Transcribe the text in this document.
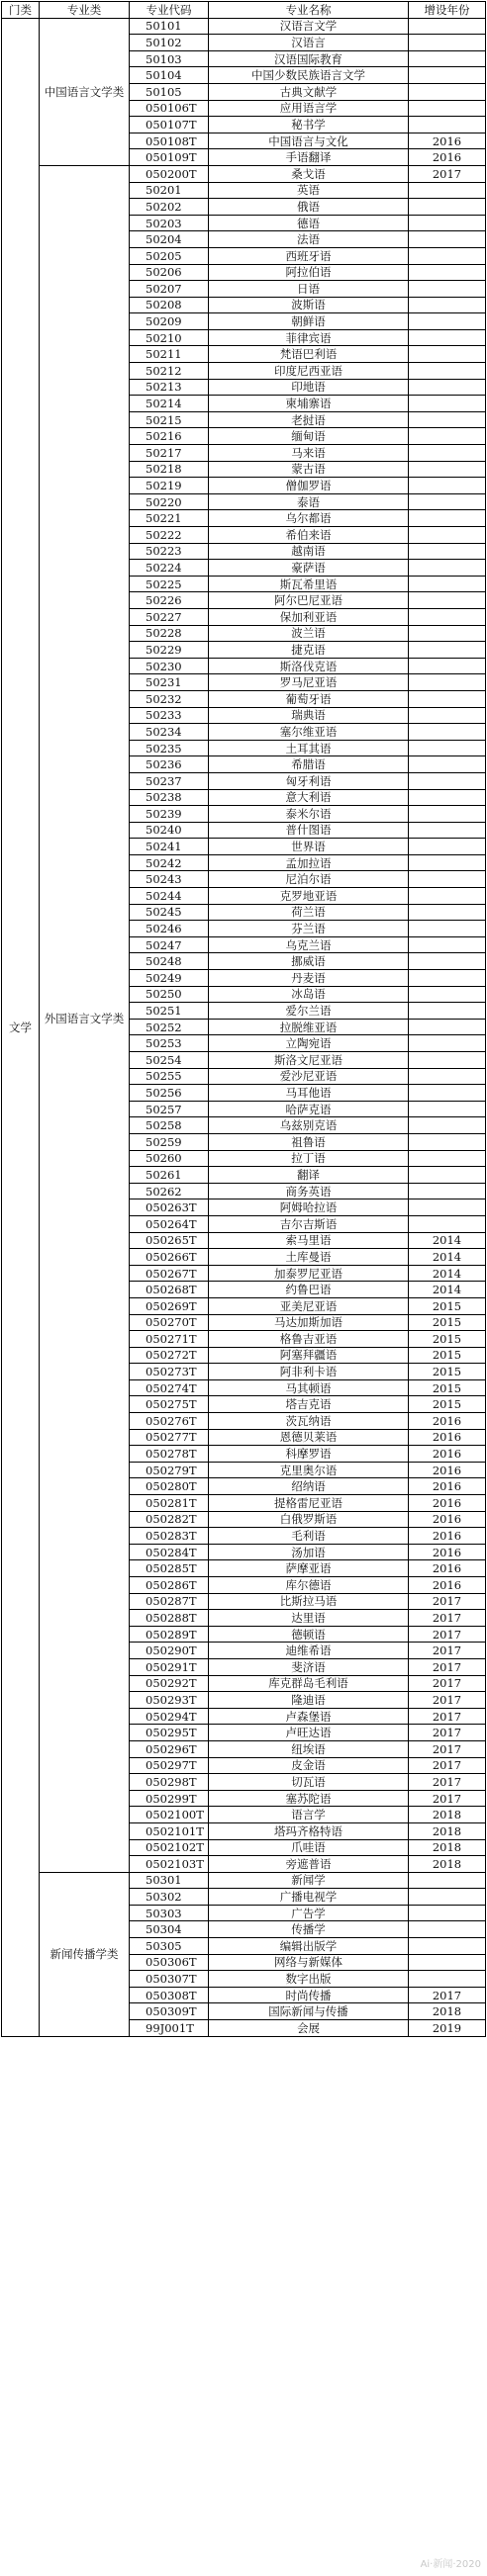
门类	专业类	专业代码	专业名称	增设年份
文学	中国语言文学类	50101	汉语言文学	
		50102	汉语言	
		50103	汉语国际教育	
		50104	中国少数民族语言文学	
		50105	古典文献学	
		050106T	应用语言学	
		050107T	秘书学	
		050108T	中国语言与文化	2016
		050109T	手语翻译	2016
	外国语言文学类	050200T	桑戈语	2017
		50201	英语	
		50202	俄语	
		50203	德语	
		50204	法语	
		50205	西班牙语	
		50206	阿拉伯语	
		50207	日语	
		50208	波斯语	
		50209	朝鲜语	
		50210	菲律宾语	
		50211	梵语巴利语	
		50212	印度尼西亚语	
		50213	印地语	
		50214	柬埔寨语	
		50215	老挝语	
		50216	缅甸语	
		50217	马来语	
		50218	蒙古语	
		50219	僧伽罗语	
		50220	泰语	
		50221	乌尔都语	
		50222	希伯来语	
		50223	越南语	
		50224	豪萨语	
		50225	斯瓦希里语	
		50226	阿尔巴尼亚语	
		50227	保加利亚语	
		50228	波兰语	
		50229	捷克语	
		50230	斯洛伐克语	
		50231	罗马尼亚语	
		50232	葡萄牙语	
		50233	瑞典语	
		50234	塞尔维亚语	
		50235	土耳其语	
		50236	希腊语	
		50237	匈牙利语	
		50238	意大利语	
		50239	泰米尔语	
		50240	普什图语	
		50241	世界语	
		50242	孟加拉语	
		50243	尼泊尔语	
		50244	克罗地亚语	
		50245	荷兰语	
		50246	芬兰语	
		50247	乌克兰语	
		50248	挪威语	
		50249	丹麦语	
		50250	冰岛语	
		50251	爱尔兰语	
		50252	拉脱维亚语	
		50253	立陶宛语	
		50254	斯洛文尼亚语	
		50255	爱沙尼亚语	
		50256	马耳他语	
		50257	哈萨克语	
		50258	乌兹别克语	
		50259	祖鲁语	
		50260	拉丁语	
		50261	翻译	
		50262	商务英语	
		050263T	阿姆哈拉语	
		050264T	吉尔吉斯语	
		050265T	索马里语	2014
		050266T	土库曼语	2014
		050267T	加泰罗尼亚语	2014
		050268T	约鲁巴语	2014
		050269T	亚美尼亚语	2015
		050270T	马达加斯加语	2015
		050271T	格鲁吉亚语	2015
		050272T	阿塞拜疆语	2015
		050273T	阿非利卡语	2015
		050274T	马其顿语	2015
		050275T	塔吉克语	2015
		050276T	茨瓦纳语	2016
		050277T	恩德贝莱语	2016
		050278T	科摩罗语	2016
		050279T	克里奥尔语	2016
		050280T	绍纳语	2016
		050281T	提格雷尼亚语	2016
		050282T	白俄罗斯语	2016
		050283T	毛利语	2016
		050284T	汤加语	2016
		050285T	萨摩亚语	2016
		050286T	库尔德语	2016
		050287T	比斯拉马语	2017
		050288T	达里语	2017
		050289T	德顿语	2017
		050290T	迪维希语	2017
		050291T	斐济语	2017
		050292T	库克群岛毛利语	2017
		050293T	隆迪语	2017
		050294T	卢森堡语	2017
		050295T	卢旺达语	2017
		050296T	纽埃语	2017
		050297T	皮金语	2017
		050298T	切瓦语	2017
		050299T	塞苏陀语	2017
		0502100T	语言学	2018
		0502101T	塔玛齐格特语	2018
		0502102T	爪哇语	2018
		0502103T	旁遮普语	2018
	新闻传播学类	50301	新闻学	
		50302	广播电视学	
		50303	广告学	
		50304	传播学	
		50305	编辑出版学	
		050306T	网络与新媒体	
		050307T	数字出版	
		050308T	时尚传播	2017
		050309T	国际新闻与传播	2018
		99J001T	会展	2019
Ai·新闻·2020
